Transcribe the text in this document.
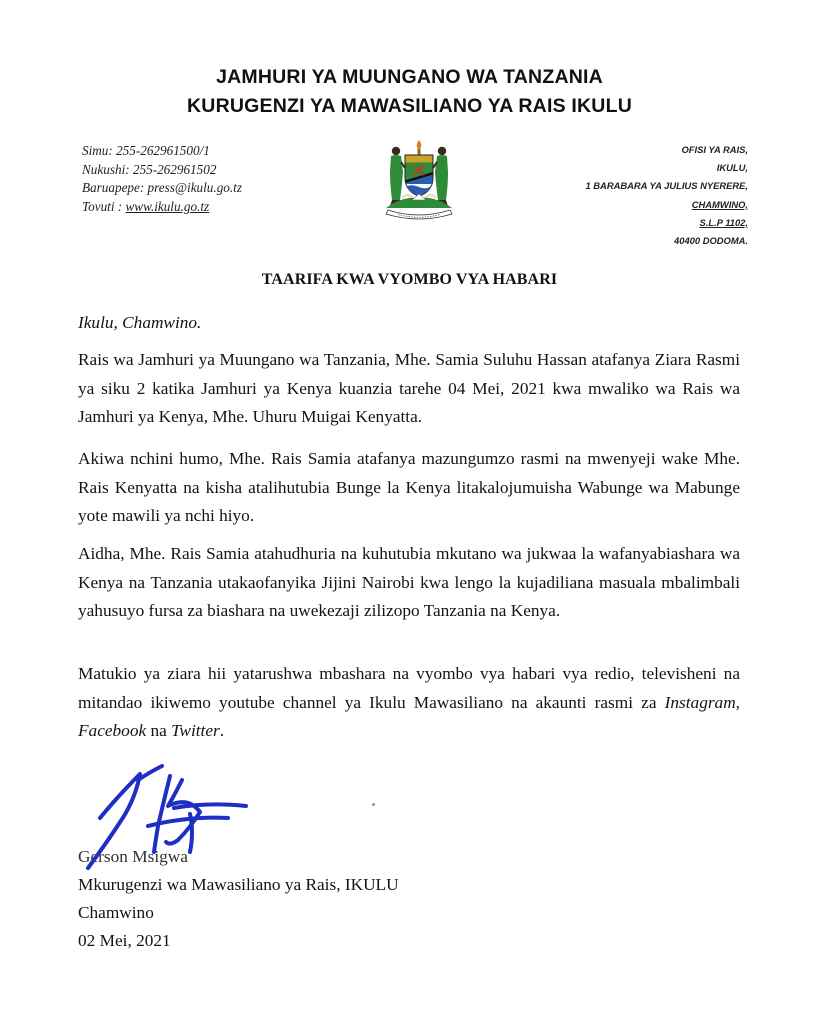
JAMHURI YA MUUNGANO WA TANZANIA
KURUGENZI YA MAWASILIANO YA RAIS IKULU
Simu: 255-262961500/1
Nukushi: 255-262961502
Baruapepe: press@ikulu.go.tz
Tovuti : www.ikulu.go.tz
OFISI YA RAIS,
IKULU,
1 BARABARA YA JULIUS NYERERE,
CHAMWINO,
S.L.P 1102,
40400 DODOMA.
TAARIFA KWA VYOMBO VYA HABARI
Ikulu, Chamwino.
Rais wa Jamhuri ya Muungano wa Tanzania, Mhe. Samia Suluhu Hassan atafanya Ziara Rasmi ya siku 2 katika Jamhuri ya Kenya kuanzia tarehe 04 Mei, 2021 kwa mwaliko wa Rais wa Jamhuri ya Kenya, Mhe. Uhuru Muigai Kenyatta.
Akiwa nchini humo, Mhe. Rais Samia atafanya mazungumzo rasmi na mwenyeji wake Mhe. Rais Kenyatta na kisha atalihutubia Bunge la Kenya litakalojumuisha Wabunge wa Mabunge yote mawili ya nchi hiyo.
Aidha, Mhe. Rais Samia atahudhuria na kuhutubia mkutano wa jukwaa la wafanyabiashara wa Kenya na Tanzania utakaofanyika Jijini Nairobi kwa lengo la kujadiliana masuala mbalimbali yahusuyo fursa za biashara na uwekezaji zilizopo Tanzania na Kenya.
Matukio ya ziara hii yatarushwa mbashara na vyombo vya habari vya redio, televisheni na mitandao ikiwemo youtube channel ya Ikulu Mawasiliano na akaunti rasmi za Instagram, Facebook na Twitter.
Gerson Msigwa
Mkurugenzi wa Mawasiliano ya Rais, IKULU
Chamwino
02 Mei, 2021
